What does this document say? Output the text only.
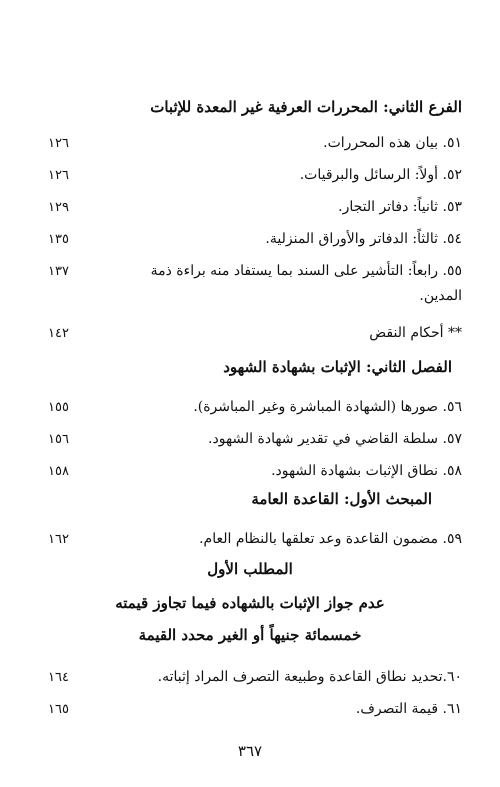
الفرع الثاني: المحررات العرفية غير المعدة للإثبات
٥١. بيان هذه المحررات.
١٢٦
٥٢. أولاً: الرسائل والبرقيات.
١٢٦
٥٣. ثانياً: دفاتر التجار.
١٢٩
٥٤. ثالثاً: الدفاتر والأوراق المنزلية.
١٣٥
٥٥. رابعاً: التأشير على السند بما يستفاد منه براءة ذمة
١٣٧
المدين.
** أحكام النقض
١٤٢
الفصل الثاني: الإثبات بشهادة الشهود
٥٦. صورها (الشهادة المباشرة وغير المباشرة).
١٥٥
٥٧. سلطة القاضي في تقدير شهادة الشهود.
١٥٦
٥٨. نطاق الإثبات بشهادة الشهود.
١٥٨
المبحث الأول: القاعدة العامة
٥٩. مضمون القاعدة وعد تعلقها بالنظام العام.
١٦٢
المطلب الأول
عدم جواز الإثبات بالشهاده فيما تجاوز قيمته
خمسمائة جنيهاً أو الغير محدد القيمة
٦٠.تحديد نطاق القاعدة وطبيعة التصرف المراد إثباته.
١٦٤
٦١. قيمة التصرف.
١٦٥
٣٦٧
